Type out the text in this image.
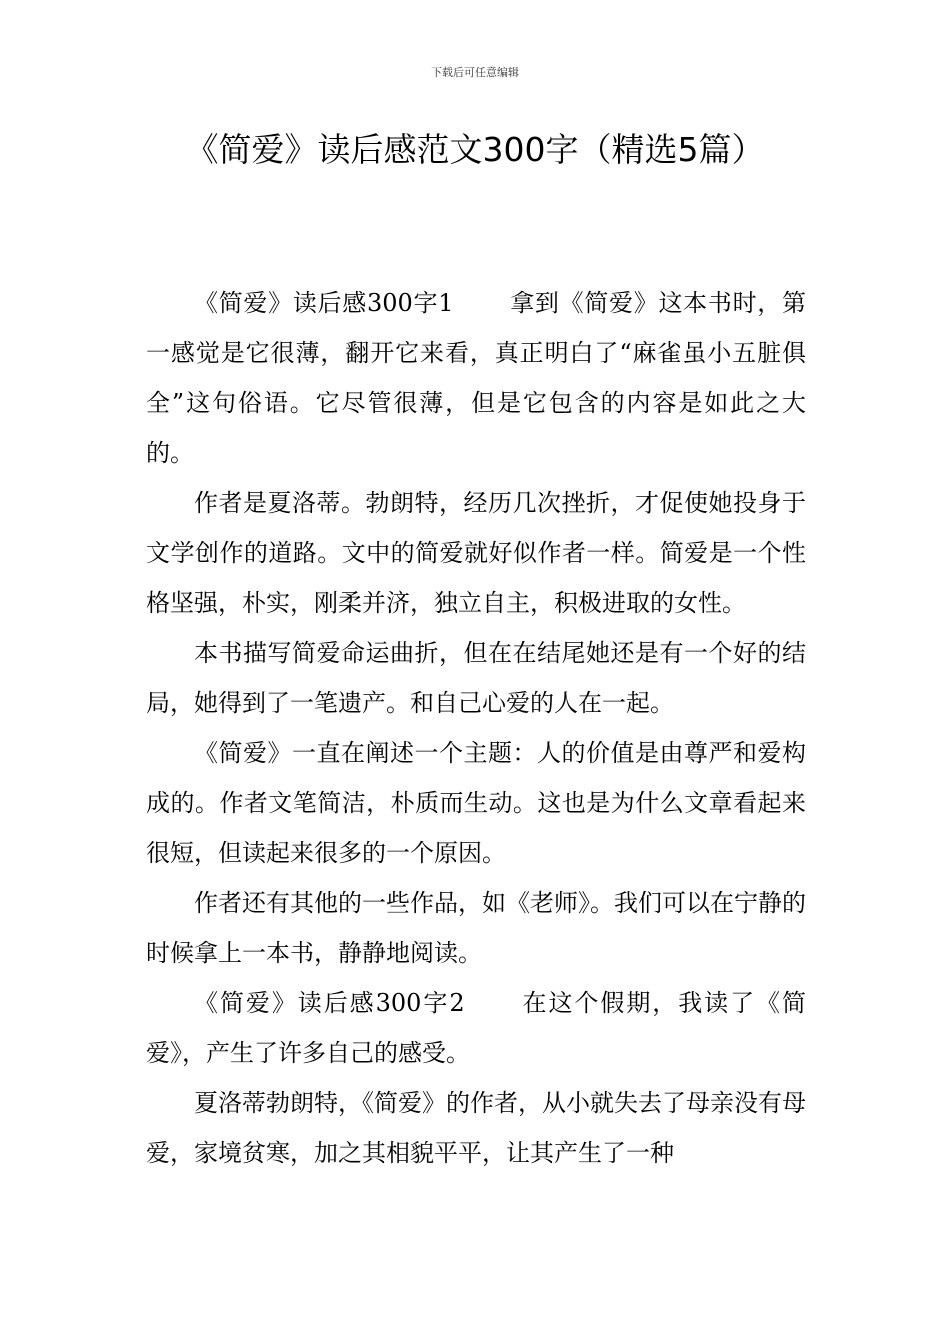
下载后可任意编辑
《简爱》读后感范文300字（精选5篇）

《简爱》读后感300字1 拿到《简爱》这本书时，第一感觉是它很薄，翻开它来看，真正明白了“麻雀虽小五脏俱全”这句俗语。它尽管很薄，但是它包含的内容是如此之大的。

作者是夏洛蒂。勃朗特，经历几次挫折，才促使她投身于文学创作的道路。文中的简爱就好似作者一样。简爱是一个性格坚强，朴实，刚柔并济，独立自主，积极进取的女性。

本书描写简爱命运曲折，但在在结尾她还是有一个好的结局，她得到了一笔遗产。和自己心爱的人在一起。

《简爱》一直在阐述一个主题：人的价值是由尊严和爱构成的。作者文笔简洁，朴质而生动。这也是为什么文章看起来很短，但读起来很多的一个原因。

作者还有其他的一些作品，如《老师》。我们可以在宁静的时候拿上一本书，静静地阅读。

《简爱》读后感300字2 在这个假期，我读了《简爱》，产生了许多自己的感受。

夏洛蒂勃朗特，《简爱》的作者，从小就失去了母亲没有母爱，家境贫寒，加之其相貌平平，让其产生了一种
